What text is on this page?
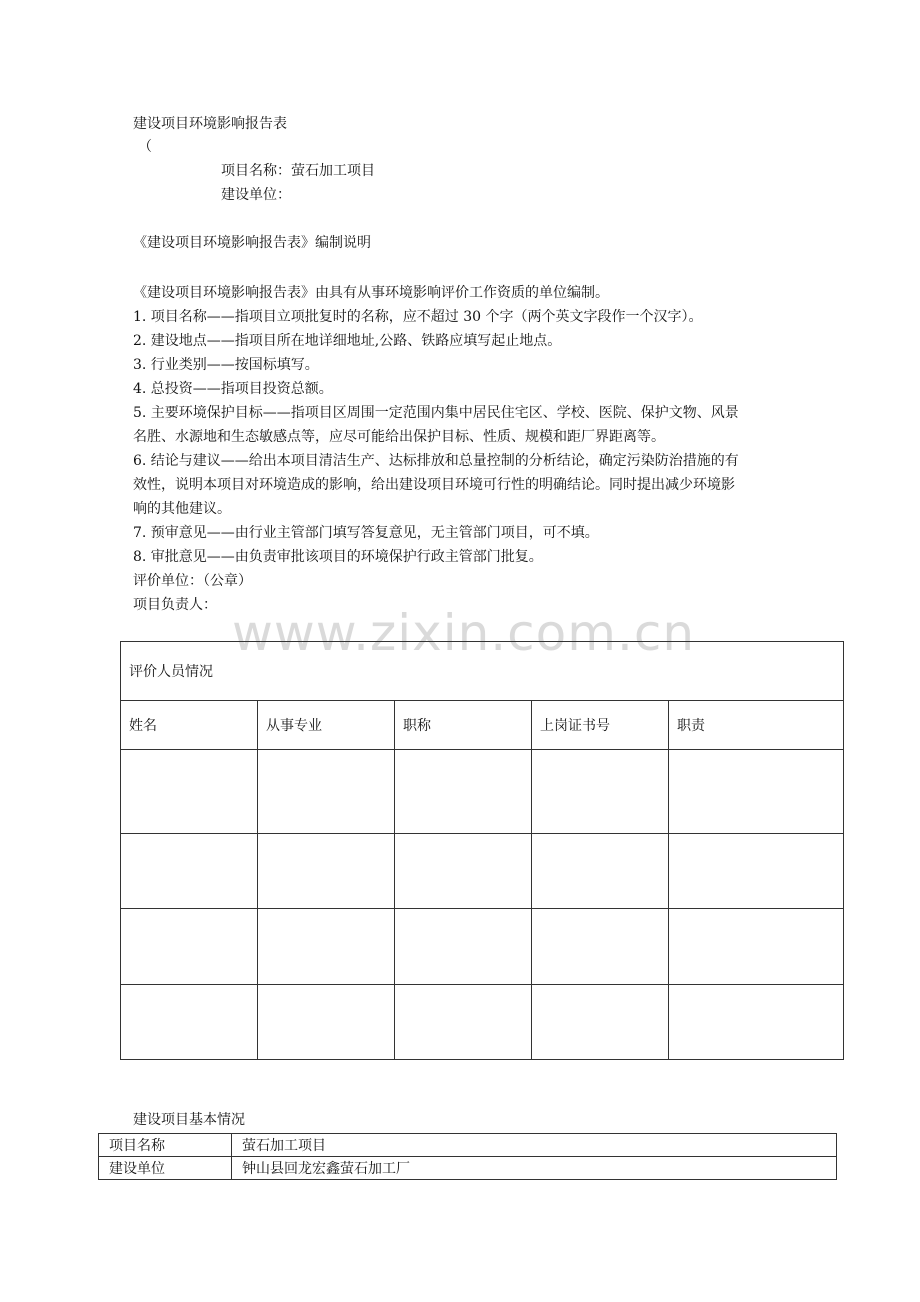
建设项目环境影响报告表
（
项目名称：萤石加工项目
建设单位：
《建设项目环境影响报告表》编制说明
《建设项目环境影响报告表》由具有从事环境影响评价工作资质的单位编制。
1. 项目名称——指项目立项批复时的名称，应不超过 30 个字（两个英文字段作一个汉字）。
2. 建设地点——指项目所在地详细地址,公路、铁路应填写起止地点。
3. 行业类别——按国标填写。
4. 总投资——指项目投资总额。
5. 主要环境保护目标——指项目区周围一定范围内集中居民住宅区、学校、医院、保护文物、风景
名胜、水源地和生态敏感点等，应尽可能给出保护目标、性质、规模和距厂界距离等。
6. 结论与建议——给出本项目清洁生产、达标排放和总量控制的分析结论，确定污染防治措施的有
效性，说明本项目对环境造成的影响，给出建设项目环境可行性的明确结论。同时提出减少环境影
响的其他建议。
7. 预审意见——由行业主管部门填写答复意见，无主管部门项目，可不填。
8. 审批意见——由负责审批该项目的环境保护行政主管部门批复。
评价单位：（公章）
项目负责人： www.zixin.com.cn
评价人员情况				
姓名	从事专业	职称	上岗证书号	职责

建设项目基本情况
项目名称	萤石加工项目
建设单位	钟山县回龙宏鑫萤石加工厂
